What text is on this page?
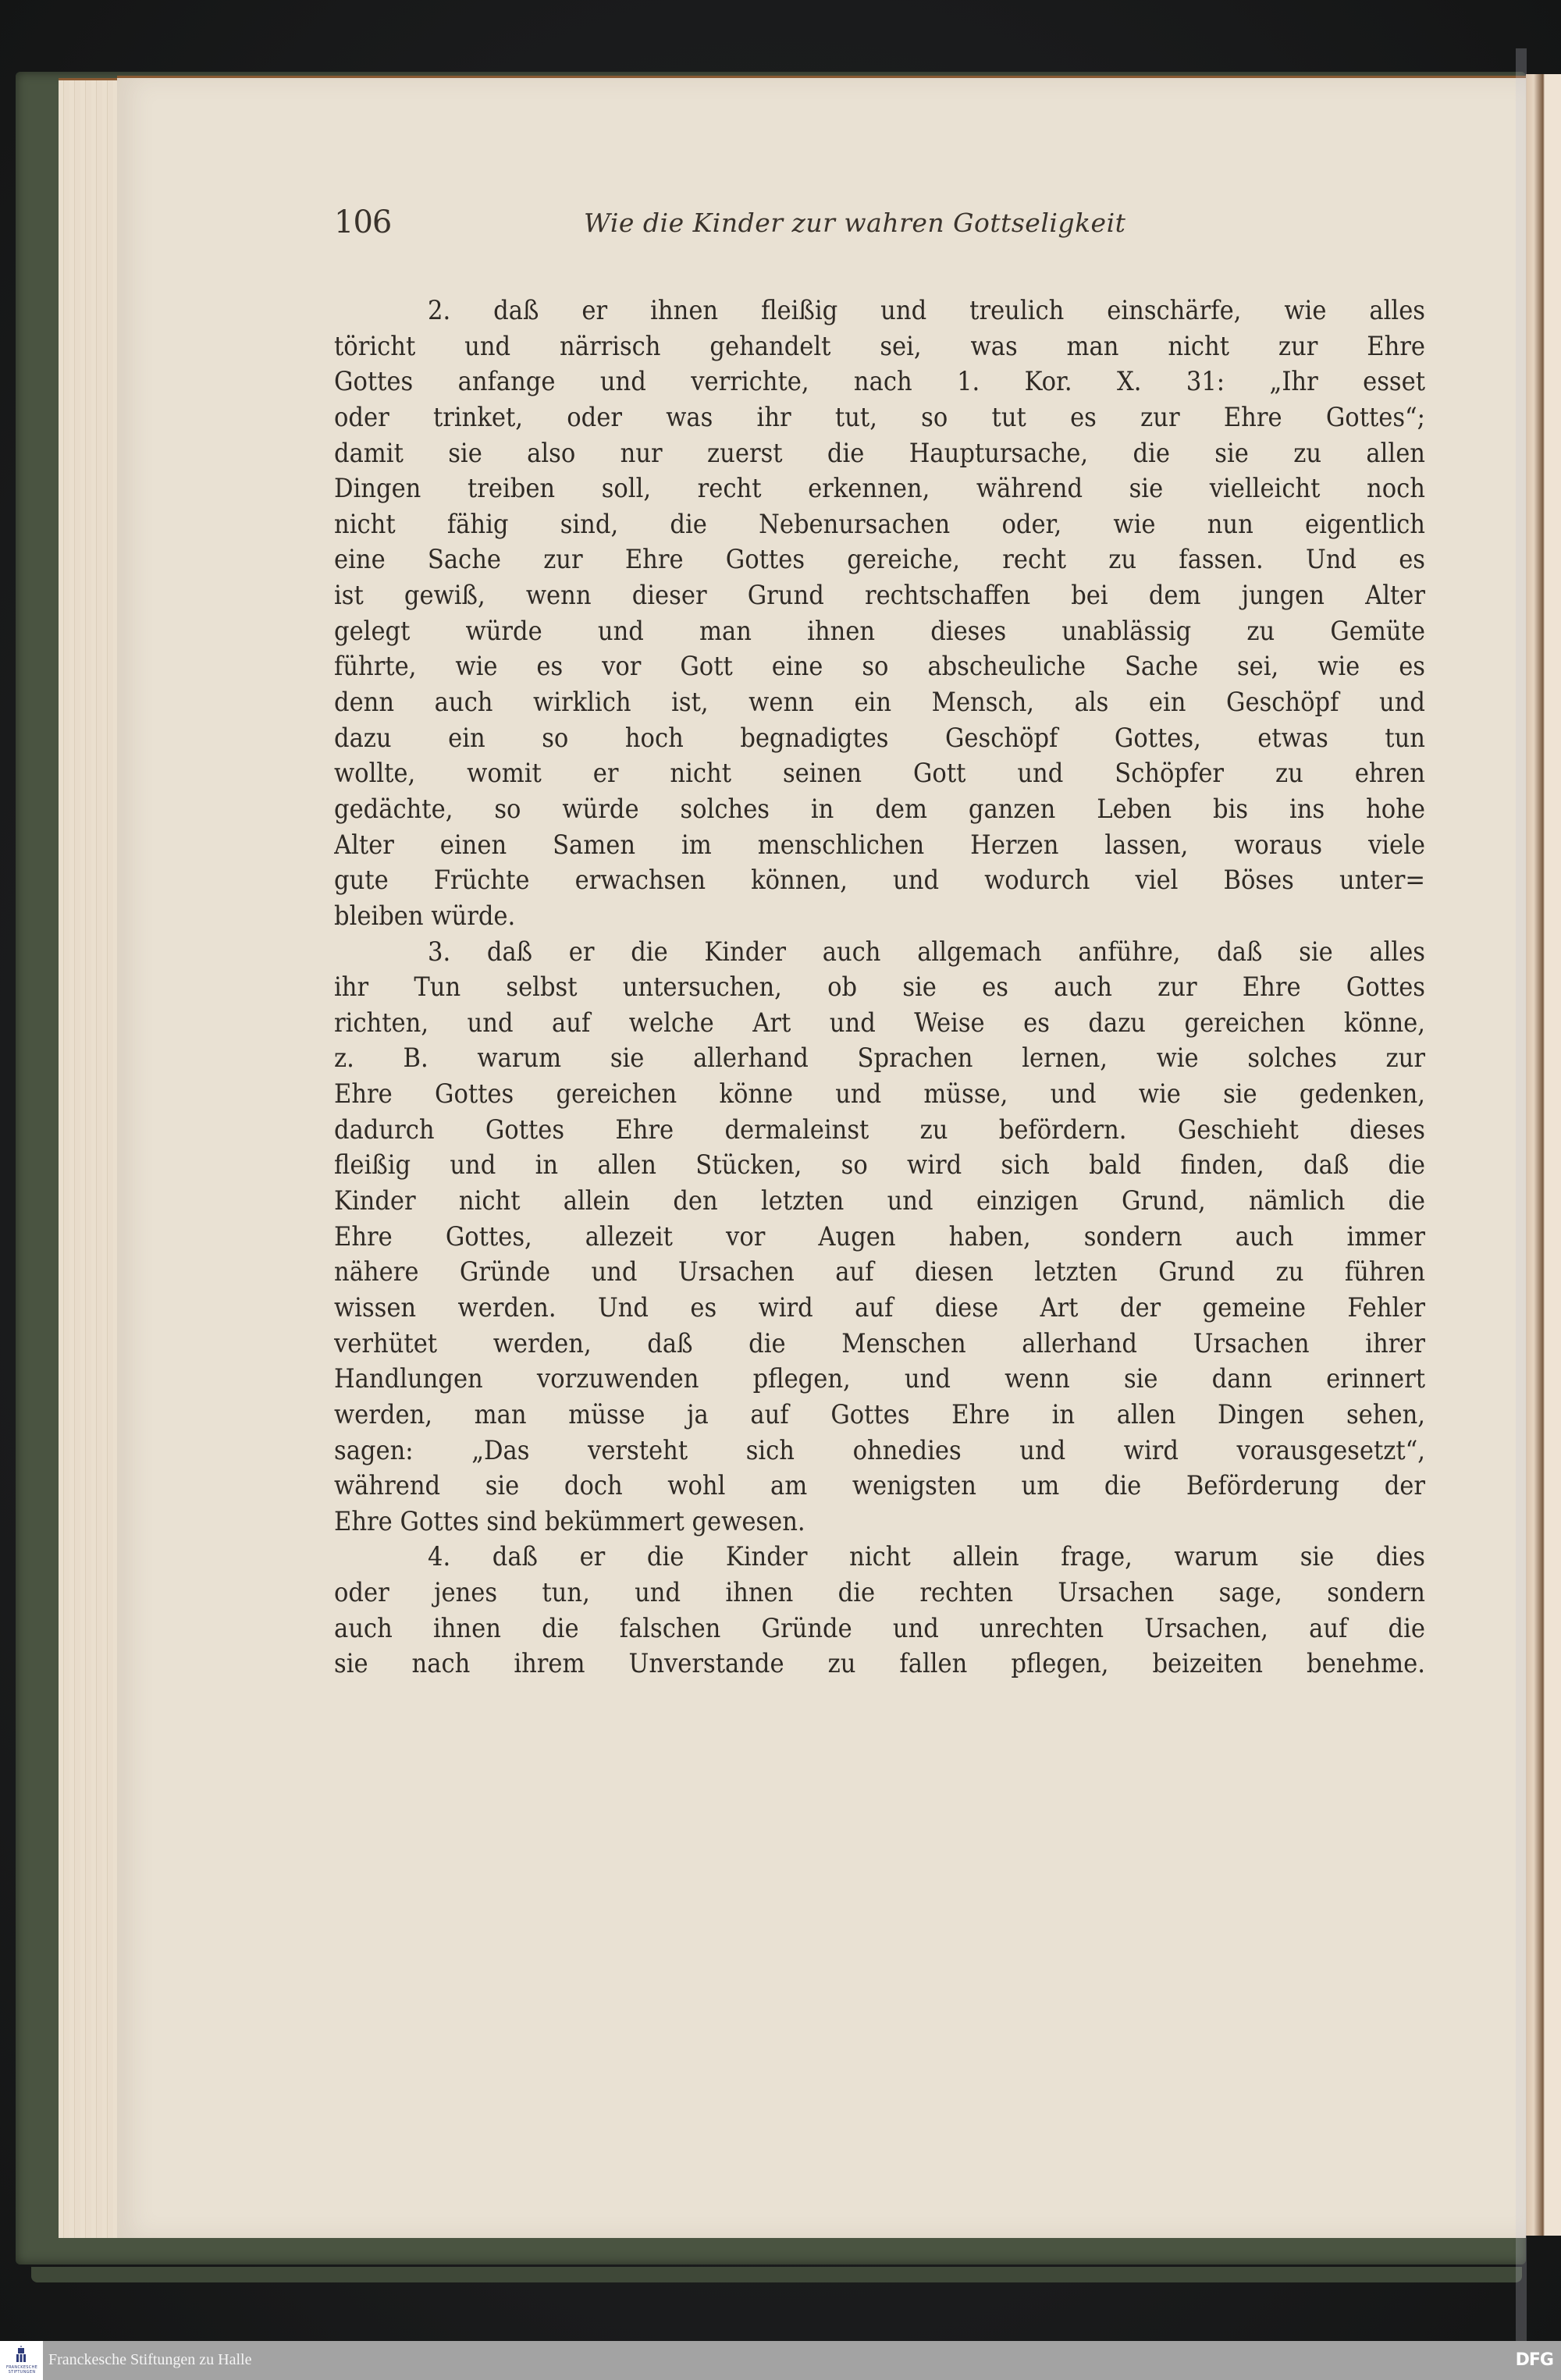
106	Wie die Kinder zur wahren Gottseligkeit
2. daß er ihnen fleißig und treulich einschärfe, wie alles
töricht und närrisch gehandelt sei, was man nicht zur Ehre
Gottes anfange und verrichte, nach 1. Kor. X. 31: „Ihr esset
oder trinket, oder was ihr tut, so tut es zur Ehre Gottes“;
damit sie also nur zuerst die Hauptursache, die sie zu allen
Dingen treiben soll, recht erkennen, während sie vielleicht noch
nicht fähig sind, die Nebenursachen oder, wie nun eigentlich
eine Sache zur Ehre Gottes gereiche, recht zu fassen. Und es
ist gewiß, wenn dieser Grund rechtschaffen bei dem jungen Alter
gelegt würde und man ihnen dieses unablässig zu Gemüte
führte, wie es vor Gott eine so abscheuliche Sache sei, wie es
denn auch wirklich ist, wenn ein Mensch, als ein Geschöpf und
dazu ein so hoch begnadigtes Geschöpf Gottes, etwas tun
wollte, womit er nicht seinen Gott und Schöpfer zu ehren
gedächte, so würde solches in dem ganzen Leben bis ins hohe
Alter einen Samen im menschlichen Herzen lassen, woraus viele
gute Früchte erwachsen können, und wodurch viel Böses unter=
bleiben würde.
3. daß er die Kinder auch allgemach anführe, daß sie alles
ihr Tun selbst untersuchen, ob sie es auch zur Ehre Gottes
richten, und auf welche Art und Weise es dazu gereichen könne,
z. B. warum sie allerhand Sprachen lernen, wie solches zur
Ehre Gottes gereichen könne und müsse, und wie sie gedenken,
dadurch Gottes Ehre dermaleinst zu befördern. Geschieht dieses
fleißig und in allen Stücken, so wird sich bald finden, daß die
Kinder nicht allein den letzten und einzigen Grund, nämlich die
Ehre Gottes, allezeit vor Augen haben, sondern auch immer
nähere Gründe und Ursachen auf diesen letzten Grund zu führen
wissen werden. Und es wird auf diese Art der gemeine Fehler
verhütet werden, daß die Menschen allerhand Ursachen ihrer
Handlungen vorzuwenden pflegen, und wenn sie dann erinnert
werden, man müsse ja auf Gottes Ehre in allen Dingen sehen,
sagen: „Das versteht sich ohnedies und wird vorausgesetzt“,
während sie doch wohl am wenigsten um die Beförderung der
Ehre Gottes sind bekümmert gewesen.
4. daß er die Kinder nicht allein frage, warum sie dies
oder jenes tun, und ihnen die rechten Ursachen sage, sondern
auch ihnen die falschen Gründe und unrechten Ursachen, auf die
sie nach ihrem Unverstande zu fallen pflegen, beizeiten benehme.
FRANCKESCHE
STIFTUNGEN
Franckesche Stiftungen zu Halle	DFG
